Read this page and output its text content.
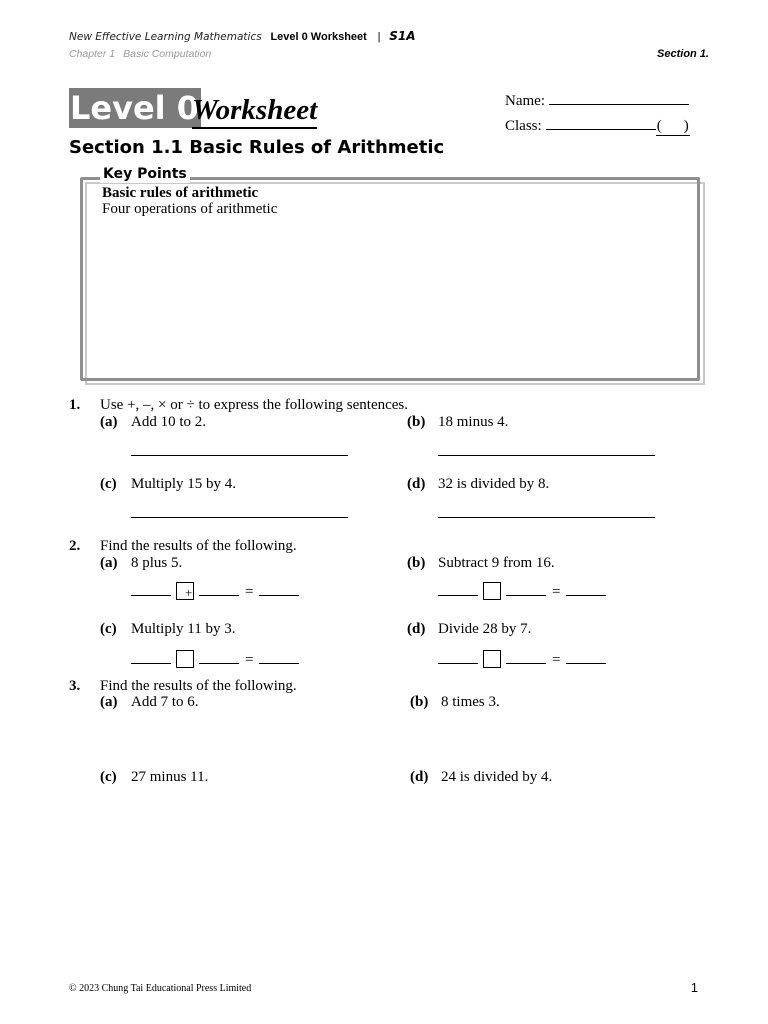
New Effective Learning Mathematics Level 0 Worksheet | S1A
Chapter 1 Basic Computation	Section 1.
Level 0
Worksheet	Name:
Class:	( )
Section 1.1 Basic Rules of Arithmetic
Key Points
Basic rules of arithmetic
Four operations of arithmetic
1. Use +, –, × or ÷ to express the following sentences.
(a) Add 10 to 2.	(b) 18 minus 4.
(c) Multiply 15 by 4.	(d) 32 is divided by 8.
2. Find the results of the following.
(a) 8 plus 5.	(b) Subtract 9 from 16.
+	=	=
(c) Multiply 11 by 3.	(d) Divide 28 by 7.
=	=
3. Find the results of the following.
(a) Add 7 to 6.	(b) 8 times 3.
(c) 27 minus 11.	(d) 24 is divided by 4.
© 2023 Chung Tai Educational Press Limited	1
